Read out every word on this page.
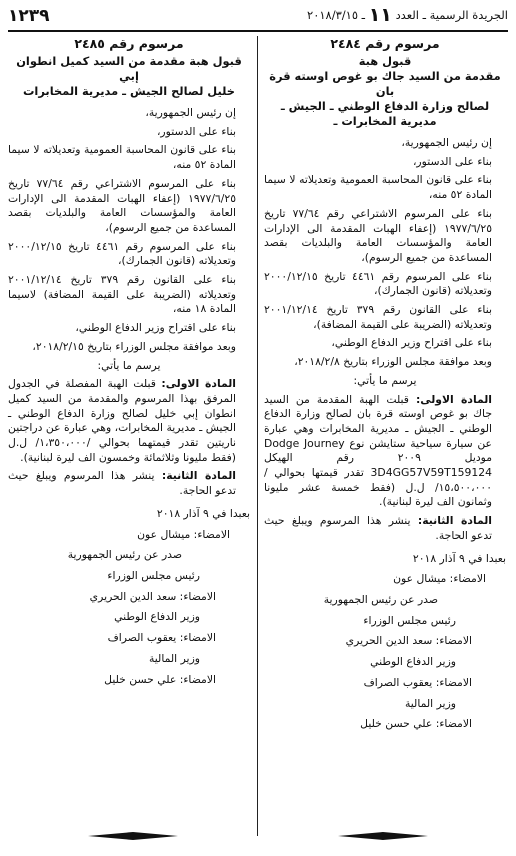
الجريدة الرسمية ـ العدد ١١ ـ ٢٠١٨/٣/١٥
١٢٣٩
مرسوم رقم ٢٤٨٤
قبول هبة
مقدمة من السيد جاك بو غوص اوسته قرة بان
لصالح وزارة الدفاع الوطني ـ الجيش ـ
مديرية المخابرات ـ
إن رئيس الجمهورية،
بناء على الدستور،
بناء على قانون المحاسبة العمومية وتعديلاته لا سيما المادة ٥٢ منه،
بناء على المرسوم الاشتراعي رقم ٧٧/٦٤ تاريخ ١٩٧٧/٦/٢٥ (إعفاء الهبات المقدمة الى الإدارات العامة والمؤسسات العامة والبلديات بقصد المساعدة من جميع الرسوم)،
بناء على المرسوم رقم ٤٤٦١ تاريخ ٢٠٠٠/١٢/١٥ وتعديلاته (قانون الجمارك)،
بناء على القانون رقم ٣٧٩ تاريخ ٢٠٠١/١٢/١٤ وتعديلاته (الضريبة على القيمة المضافة)،
بناء على اقتراح وزير الدفاع الوطني،
وبعد موافقة مجلس الوزراء بتاريخ ٢٠١٨/٢/٨،
يرسم ما يأتي:
المادة الاولى: قبلت الهبة المقدمة من السيد جاك بو غوص اوسته قرة بان لصالح وزارة الدفاع الوطني ـ الجيش ـ مديرية المخابرات وهي عبارة عن سيارة سياحية ستايشن نوع Dodge Journey موديل ٢٠٠٩ رقم الهيكل 3D4GG57V59T159124 تقدر قيمتها بحوالي /١٥،٥٠٠،٠٠٠/ ل.ل (فقط خمسة عشر مليونا وثمانون الف ليرة لبنانية).
المادة الثانية: ينشر هذا المرسوم ويبلغ حيث تدعو الحاجة.
بعبدا في ٩ آذار ٢٠١٨
الامضاء: ميشال عون
صدر عن رئيس الجمهورية
رئيس مجلس الوزراء
الامضاء: سعد الدين الحريري
وزير الدفاع الوطني
الامضاء: يعقوب الصراف
وزير المالية
الامضاء: علي حسن خليل
مرسوم رقم ٢٤٨٥
قبول هبة مقدمة من السيد كميل انطوان إبي
خليل لصالح الجيش ـ مديرية المخابرات
إن رئيس الجمهورية،
بناء على الدستور،
بناء على قانون المحاسبة العمومية وتعديلاته لا سيما المادة ٥٢ منه،
بناء على المرسوم الاشتراعي رقم ٧٧/٦٤ تاريخ ١٩٧٧/٦/٢٥ (إعفاء الهبات المقدمة الى الإدارات العامة والمؤسسات العامة والبلديات بقصد المساعدة من جميع الرسوم)،
بناء على المرسوم رقم ٤٤٦١ تاريخ ٢٠٠٠/١٢/١٥ وتعديلاته (قانون الجمارك)،
بناء على القانون رقم ٣٧٩ تاريخ ٢٠٠١/١٢/١٤ وتعديلاته (الضريبة على القيمة المضافة) لاسيما المادة ١٨ منه،
بناء على اقتراح وزير الدفاع الوطني،
وبعد موافقة مجلس الوزراء بتاريخ ٢٠١٨/٢/١٥،
يرسم ما يأتي:
المادة الاولى: قبلت الهبة المفصلة في الجدول المرفق بهذا المرسوم والمقدمة من السيد كميل انطوان إبي خليل لصالح وزارة الدفاع الوطني ـ الجيش ـ مديرية المخابرات، وهي عبارة عن دراجتين ناريتين تقدر قيمتهما بحوالي /١،٣٥٠،٠٠٠/ ل.ل (فقط مليونا وثلاثمائة وخمسون الف ليرة لبنانية).
المادة الثانية: ينشر هذا المرسوم ويبلغ حيث تدعو الحاجة.
بعبدا في ٩ آذار ٢٠١٨
الامضاء: ميشال عون
صدر عن رئيس الجمهورية
رئيس مجلس الوزراء
الامضاء: سعد الدين الحريري
وزير الدفاع الوطني
الامضاء: يعقوب الصراف
وزير المالية
الامضاء: علي حسن خليل
